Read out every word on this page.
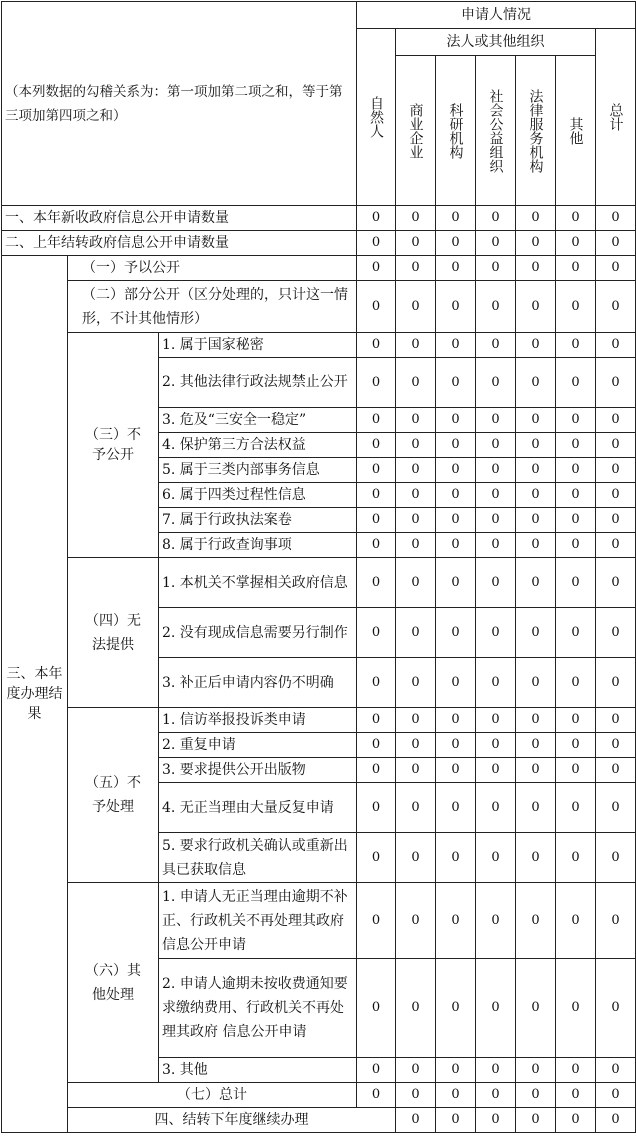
（本列数据的勾稽关系为：第一项加第二项之和，等于第三项加第四项之和）			申请人情况							
			自然人	法人或其他组织					总计	
				商业企业	科研机构	社会公益组织	法律服务机构	其他		
一、本年新收政府信息公开申请数量			0	0	0	0	0	0	0	
二、上年结转政府信息公开申请数量			0	0	0	0	0	0	0	
三、本年度办理结果	（一）予以公开		0	0	0	0	0	0	0	
	（二）部分公开（区分处理的，只计这一情形，不计其他情形）		0	0	0	0	0	0	0	
	（三）不予公开	1. 属于国家秘密	0	0	0	0	0	0	0	
		2. 其他法律行政法规禁止公开	0	0	0	0	0	0	0	
		3. 危及“三安全一稳定”	0	0	0	0	0	0	0	
		4. 保护第三方合法权益	0	0	0	0	0	0	0	
		5. 属于三类内部事务信息	0	0	0	0	0	0	0	
		6. 属于四类过程性信息	0	0	0	0	0	0	0	
		7. 属于行政执法案卷	0	0	0	0	0	0	0	
		8. 属于行政查询事项	0	0	0	0	0	0	0	
	（四）无法提供	1. 本机关不掌握相关政府信息	0	0	0	0	0	0	0	
		2. 没有现成信息需要另行制作	0	0	0	0	0	0	0	
		3. 补正后申请内容仍不明确	0	0	0	0	0	0	0	
	（五）不予处理	1. 信访举报投诉类申请	0	0	0	0	0	0	0	
		2. 重复申请	0	0	0	0	0	0	0	
		3. 要求提供公开出版物	0	0	0	0	0	0	0	
		4. 无正当理由大量反复申请	0	0	0	0	0	0	0	
		5. 要求行政机关确认或重新出具已获取信息	0	0	0	0	0	0	0	
	（六）其他处理	1. 申请人无正当理由逾期不补正、行政机关不再处理其政府 信息公开申请	0	0	0	0	0	0	0	
		2. 申请人逾期未按收费通知要求缴纳费用、行政机关不再处理其政府 信息公开申请	0	0	0	0	0	0	0	
		3. 其他	0	0	0	0	0	0	0	
	（七）总计		0	0	0	0	0	0	0	
	四、结转下年度继续办理			0	0	0	0	0	0	
